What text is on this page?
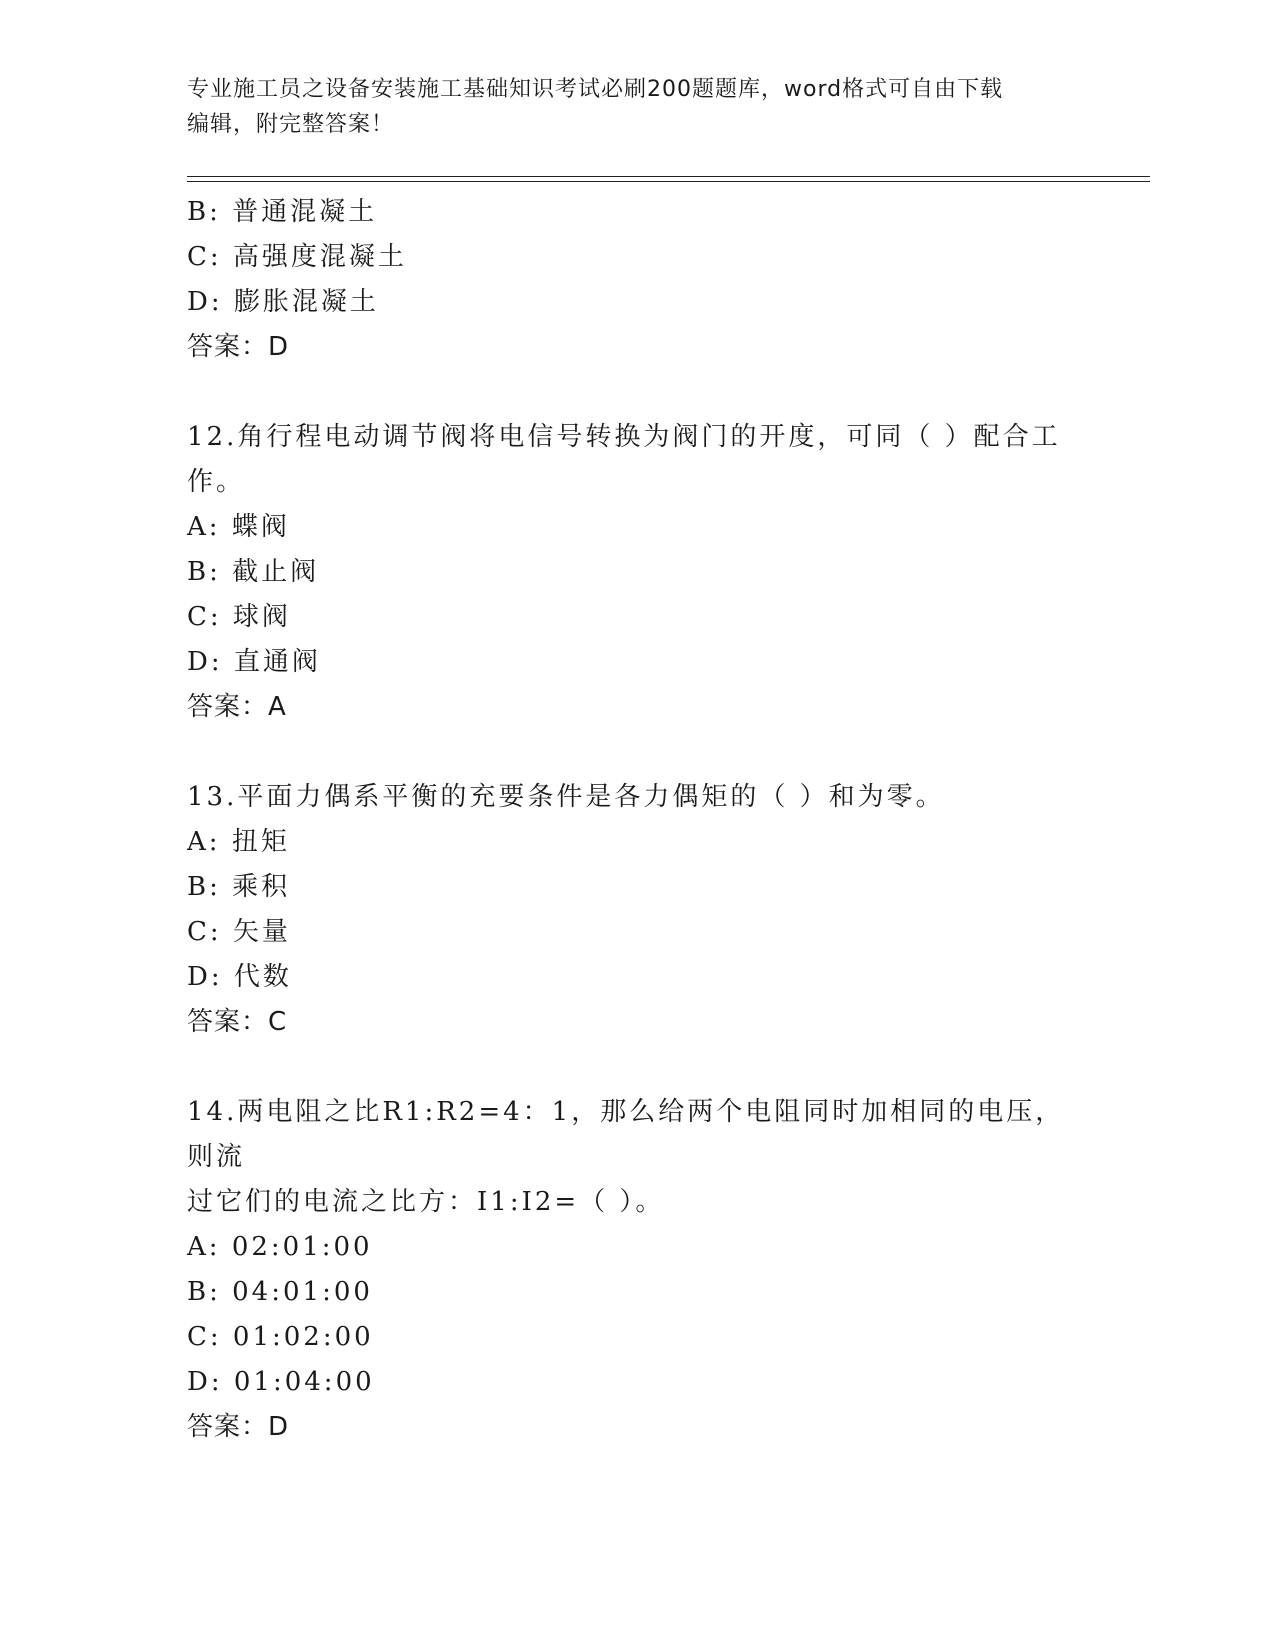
专业施工员之设备安装施工基础知识考试必刷200题题库，word格式可自由下载
编辑，附完整答案！
B: 普通混凝土
C: 高强度混凝土
D: 膨胀混凝土
答案：D
12.角行程电动调节阀将电信号转换为阀门的开度，可同（ ）配合工
作。
A: 蝶阀
B: 截止阀
C: 球阀
D: 直通阀
答案：A
13.平面力偶系平衡的充要条件是各力偶矩的（ ）和为零。
A: 扭矩
B: 乘积
C: 矢量
D: 代数
答案：C
14.两电阻之比R1:R2=4：1，那么给两个电阻同时加相同的电压，则流
过它们的电流之比方：I1:I2=（ ）。
A: 02:01:00
B: 04:01:00
C: 01:02:00
D: 01:04:00
答案：D
